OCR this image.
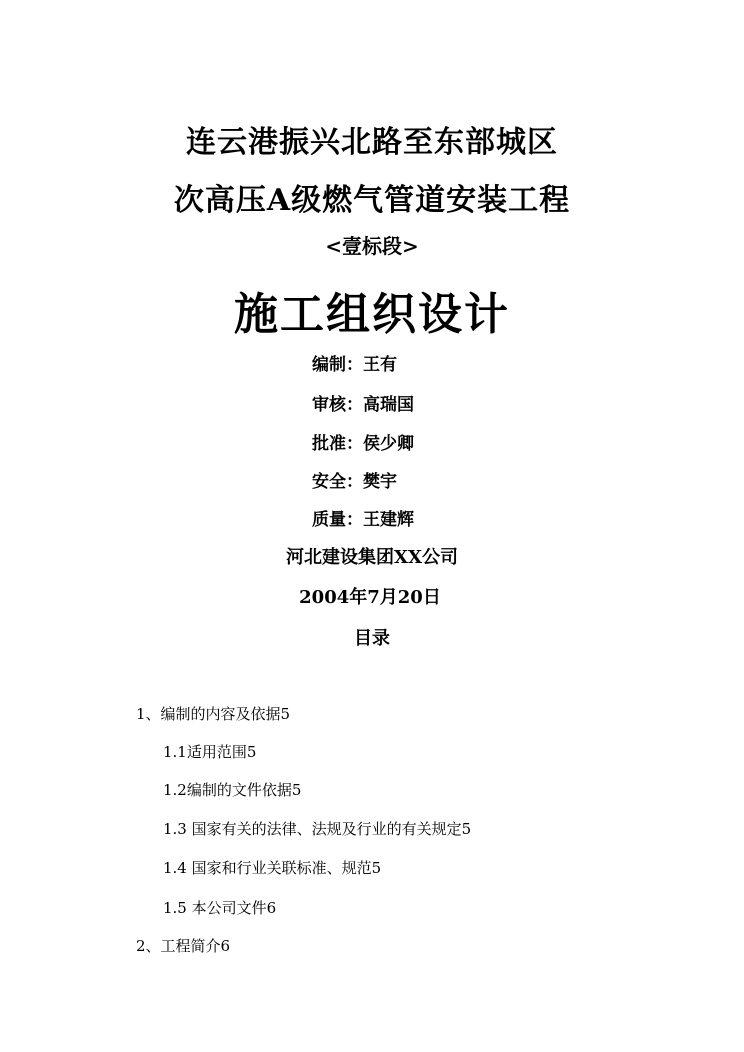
连云港振兴北路至东部城区
次高压A级燃气管道安装工程
<壹标段>
施工组织设计
编制：王有
审核：高瑞国
批准：侯少卿
安全：樊宇
质量：王建辉
河北建设集团XX公司
2004年7月20日
目录
1、编制的内容及依据5
1.1适用范围5
1.2编制的文件依据5
1.3 国家有关的法律、法规及行业的有关规定5
1.4 国家和行业关联标准、规范5
1.5 本公司文件6
2、工程简介6
